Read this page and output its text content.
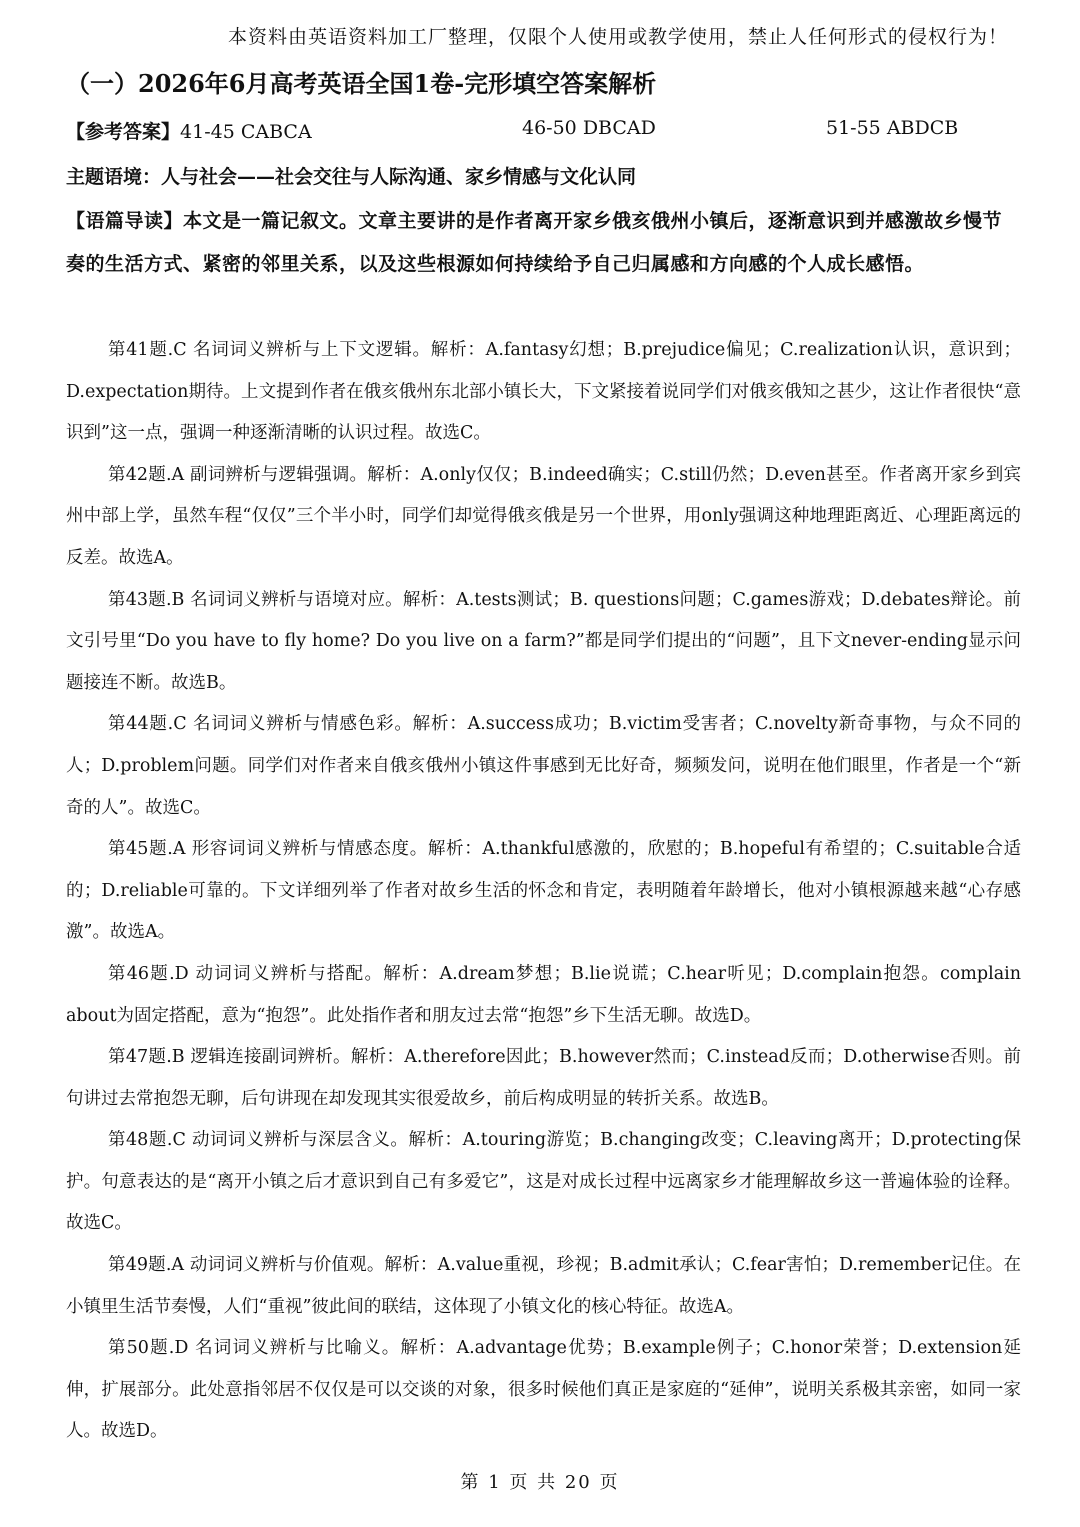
本资料由英语资料加工厂整理，仅限个人使用或教学使用，禁止人任何形式的侵权行为！
（一）2026年6月高考英语全国1卷-完形填空答案解析
【参考答案】41-45 CABCA	46-50 DBCAD	51-55 ABDCB
主题语境：人与社会——社会交往与人际沟通、家乡情感与文化认同
【语篇导读】本文是一篇记叙文。文章主要讲的是作者离开家乡俄亥俄州小镇后，逐渐意识到并感激故乡慢节奏的生活方式、紧密的邻里关系，以及这些根源如何持续给予自己归属感和方向感的个人成长感悟。

第41题.C 名词词义辨析与上下文逻辑。解析：A.fantasy幻想；B.prejudice偏见；C.realization认识，意识到；D.expectation期待。上文提到作者在俄亥俄州东北部小镇长大，下文紧接着说同学们对俄亥俄知之甚少，这让作者很快“意识到”这一点，强调一种逐渐清晰的认识过程。故选C。

第42题.A 副词辨析与逻辑强调。解析：A.only仅仅；B.indeed确实；C.still仍然；D.even甚至。作者离开家乡到宾州中部上学，虽然车程“仅仅”三个半小时，同学们却觉得俄亥俄是另一个世界，用only强调这种地理距离近、心理距离远的反差。故选A。

第43题.B 名词词义辨析与语境对应。解析：A.tests测试；B. questions问题；C.games游戏；D.debates辩论。前文引号里“Do you have to fly home? Do you live on a farm?”都是同学们提出的“问题”，且下文never-ending显示问题接连不断。故选B。

第44题.C 名词词义辨析与情感色彩。解析：A.success成功；B.victim受害者；C.novelty新奇事物，与众不同的人；D.problem问题。同学们对作者来自俄亥俄州小镇这件事感到无比好奇，频频发问，说明在他们眼里，作者是一个“新奇的人”。故选C。

第45题.A 形容词词义辨析与情感态度。解析：A.thankful感激的，欣慰的；B.hopeful有希望的；C.suitable合适的；D.reliable可靠的。下文详细列举了作者对故乡生活的怀念和肯定，表明随着年龄增长，他对小镇根源越来越“心存感激”。故选A。

第46题.D 动词词义辨析与搭配。解析：A.dream梦想；B.lie说谎；C.hear听见；D.complain抱怨。complain about为固定搭配，意为“抱怨”。此处指作者和朋友过去常“抱怨”乡下生活无聊。故选D。

第47题.B 逻辑连接副词辨析。解析：A.therefore因此；B.however然而；C.instead反而；D.otherwise否则。前句讲过去常抱怨无聊，后句讲现在却发现其实很爱故乡，前后构成明显的转折关系。故选B。

第48题.C 动词词义辨析与深层含义。解析：A.touring游览；B.changing改变；C.leaving离开；D.protecting保护。句意表达的是“离开小镇之后才意识到自己有多爱它”，这是对成长过程中远离家乡才能理解故乡这一普遍体验的诠释。故选C。

第49题.A 动词词义辨析与价值观。解析：A.value重视，珍视；B.admit承认；C.fear害怕；D.remember记住。在小镇里生活节奏慢，人们“重视”彼此间的联结，这体现了小镇文化的核心特征。故选A。

第50题.D 名词词义辨析与比喻义。解析：A.advantage优势；B.example例子；C.honor荣誉；D.extension延伸，扩展部分。此处意指邻居不仅仅是可以交谈的对象，很多时候他们真正是家庭的“延伸”，说明关系极其亲密，如同一家人。故选D。

第 1 页 共 20 页
